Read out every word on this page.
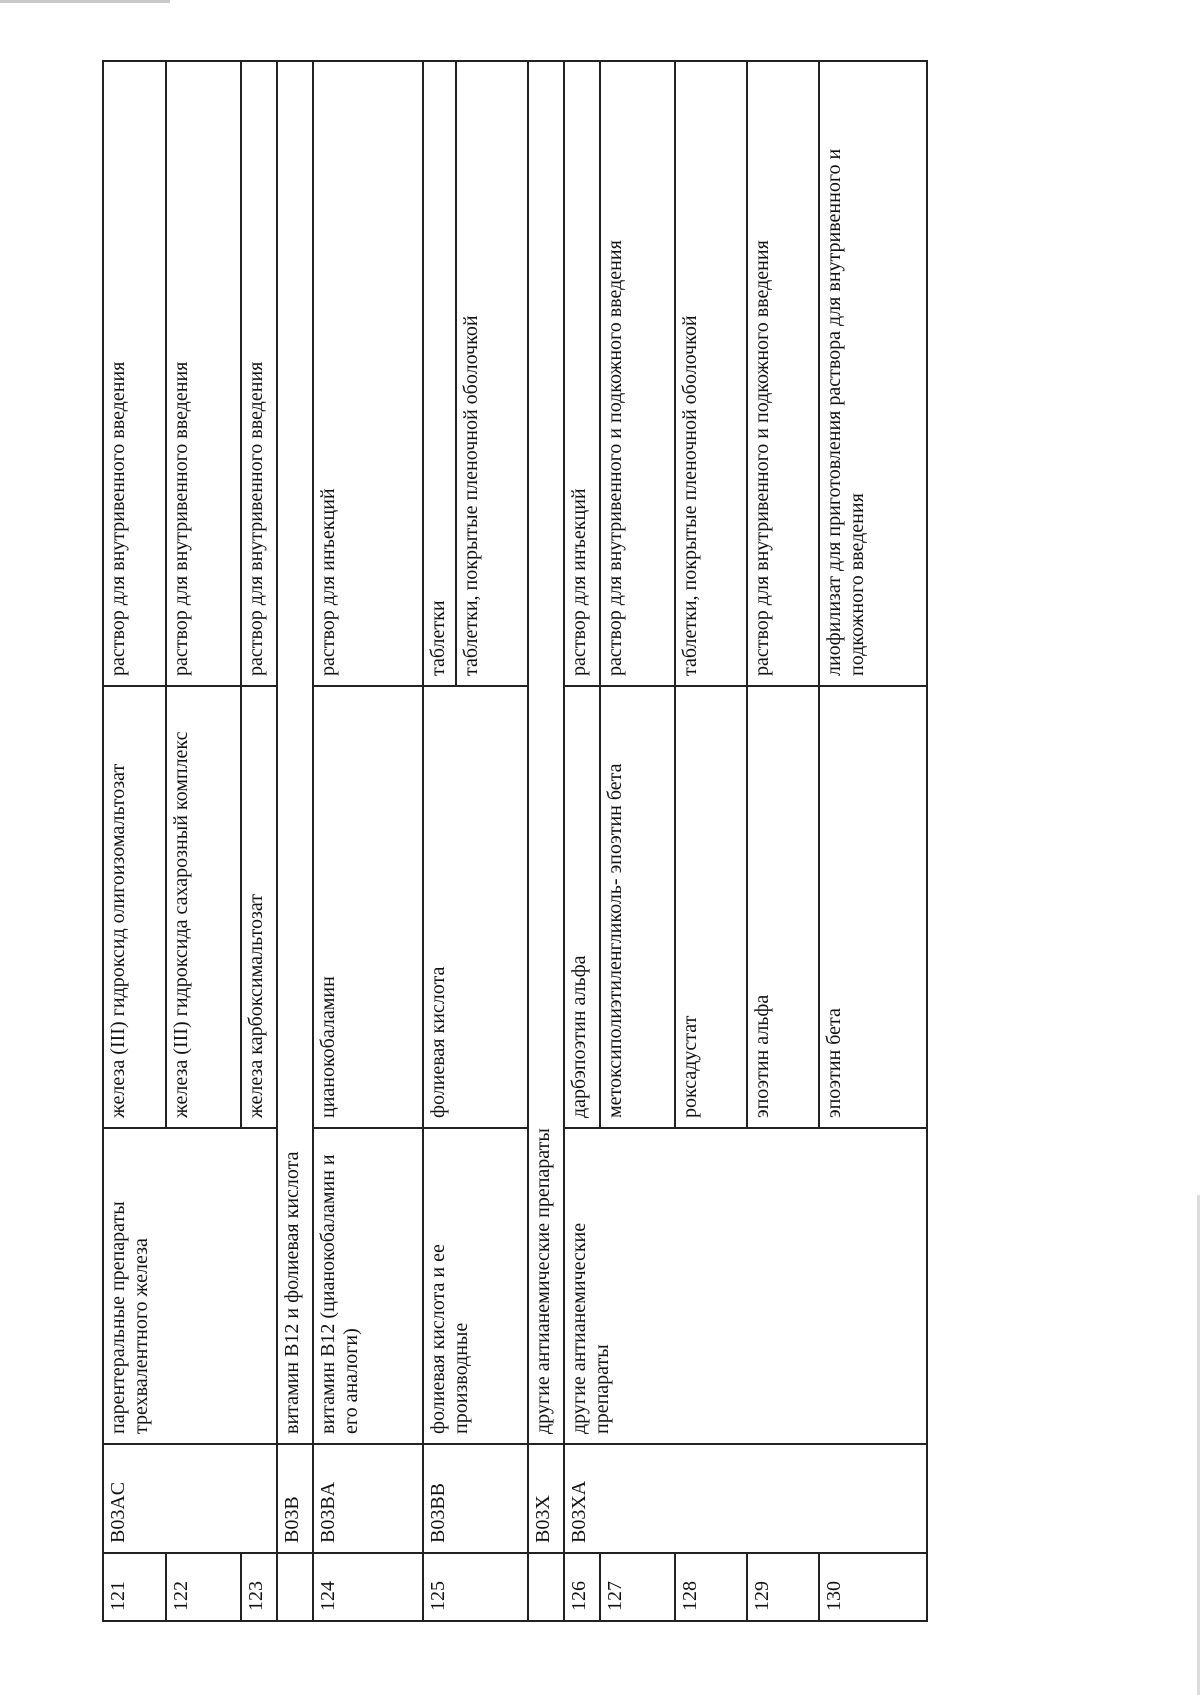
121	B03AC	парентеральные препараты трехвалентного железа	железа (III) гидроксид олигоизомальтозат	раствор для внутривенного введения
122			железа (III) гидроксида сахарозный комплекс	раствор для внутривенного введения
123			железа карбоксимальтозат	раствор для внутривенного введения
	B03B	витамин B12 и фолиевая кислота		
124	B03BA	витамин B12 (цианокобаламин и его аналоги)	цианокобаламин	раствор для инъекций
125	B03BB	фолиевая кислота и ее производные	фолиевая кислота	таблетки
				таблетки, покрытые пленочной оболочкой
	B03X	другие антианемические препараты		
126	B03XA	другие антианемические препараты	дарбэпоэтин альфа	раствор для инъекций
127			метоксиполиэтиленгликоль- эпоэтин бета	раствор для внутривенного и подкожного введения
128			роксадустат	таблетки, покрытые пленочной оболочкой
129			эпоэтин альфа	раствор для внутривенного и подкожного введения
130			эпоэтин бета	лиофилизат для приготовления раствора для внутривенного и подкожного введения
